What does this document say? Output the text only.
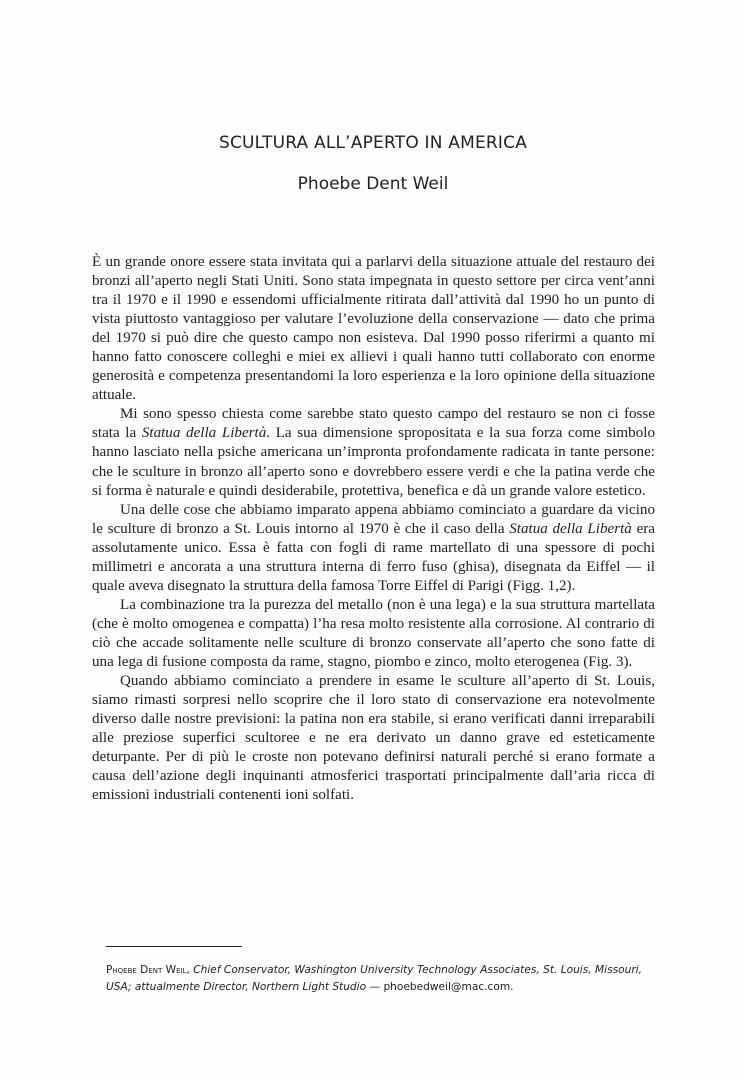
SCULTURA ALL’APERTO IN AMERICA
Phoebe Dent Weil

È un grande onore essere stata invitata qui a parlarvi della situazione attuale del restauro dei bronzi all’aperto negli Stati Uniti. Sono stata impegnata in questo settore per circa vent’anni tra il 1970 e il 1990 e essendomi ufficialmente ritirata dall’attività dal 1990 ho un punto di vista piuttosto vantaggioso per valutare l’evoluzione della conservazione — dato che prima del 1970 si può dire che questo campo non esisteva. Dal 1990 posso riferirmi a quanto mi hanno fatto conoscere colleghi e miei ex allievi i quali hanno tutti collaborato con enorme generosità e competenza presentandomi la loro esperienza e la loro opinione della situazione attuale.

Mi sono spesso chiesta come sarebbe stato questo campo del restauro se non ci fosse stata la Statua della Libertà. La sua dimensione spropositata e la sua forza come simbolo hanno lasciato nella psiche americana un’impronta profondamente radicata in tante persone: che le sculture in bronzo all’aperto sono e dovrebbero essere verdi e che la patina verde che si forma è naturale e quindi desiderabile, protettiva, benefica e dà un grande valore estetico.

Una delle cose che abbiamo imparato appena abbiamo cominciato a guardare da vicino le sculture di bronzo a St. Louis intorno al 1970 è che il caso della Statua della Libertà era assolutamente unico. Essa è fatta con fogli di rame martellato di una spessore di pochi millimetri e ancorata a una struttura interna di ferro fuso (ghisa), disegnata da Eiffel — il quale aveva disegnato la struttura della famosa Torre Eiffel di Parigi (Figg. 1,2).

La combinazione tra la purezza del metallo (non è una lega) e la sua struttura martellata (che è molto omogenea e compatta) l’ha resa molto resistente alla corrosione. Al contrario di ciò che accade solitamente nelle sculture di bronzo conservate all’aperto che sono fatte di una lega di fusione composta da rame, stagno, piombo e zinco, molto eterogenea (Fig. 3).

Quando abbiamo cominciato a prendere in esame le sculture all’aperto di St. Louis, siamo rimasti sorpresi nello scoprire che il loro stato di conservazione era notevolmente diverso dalle nostre previsioni: la patina non era stabile, si erano verificati danni irreparabili alle preziose superfici scultoree e ne era derivato un danno grave ed esteticamente deturpante. Per di più le croste non potevano definirsi naturali perché si erano formate a causa dell’azione degli inquinanti atmosferici trasportati principalmente dall’aria ricca di emissioni industriali contenenti ioni solfati.

Phoebe Dent Weil, Chief Conservator, Washington University Technology Associates, St. Louis, Missouri, USA; attualmente Director, Northern Light Studio — phoebedweil@mac.com.
